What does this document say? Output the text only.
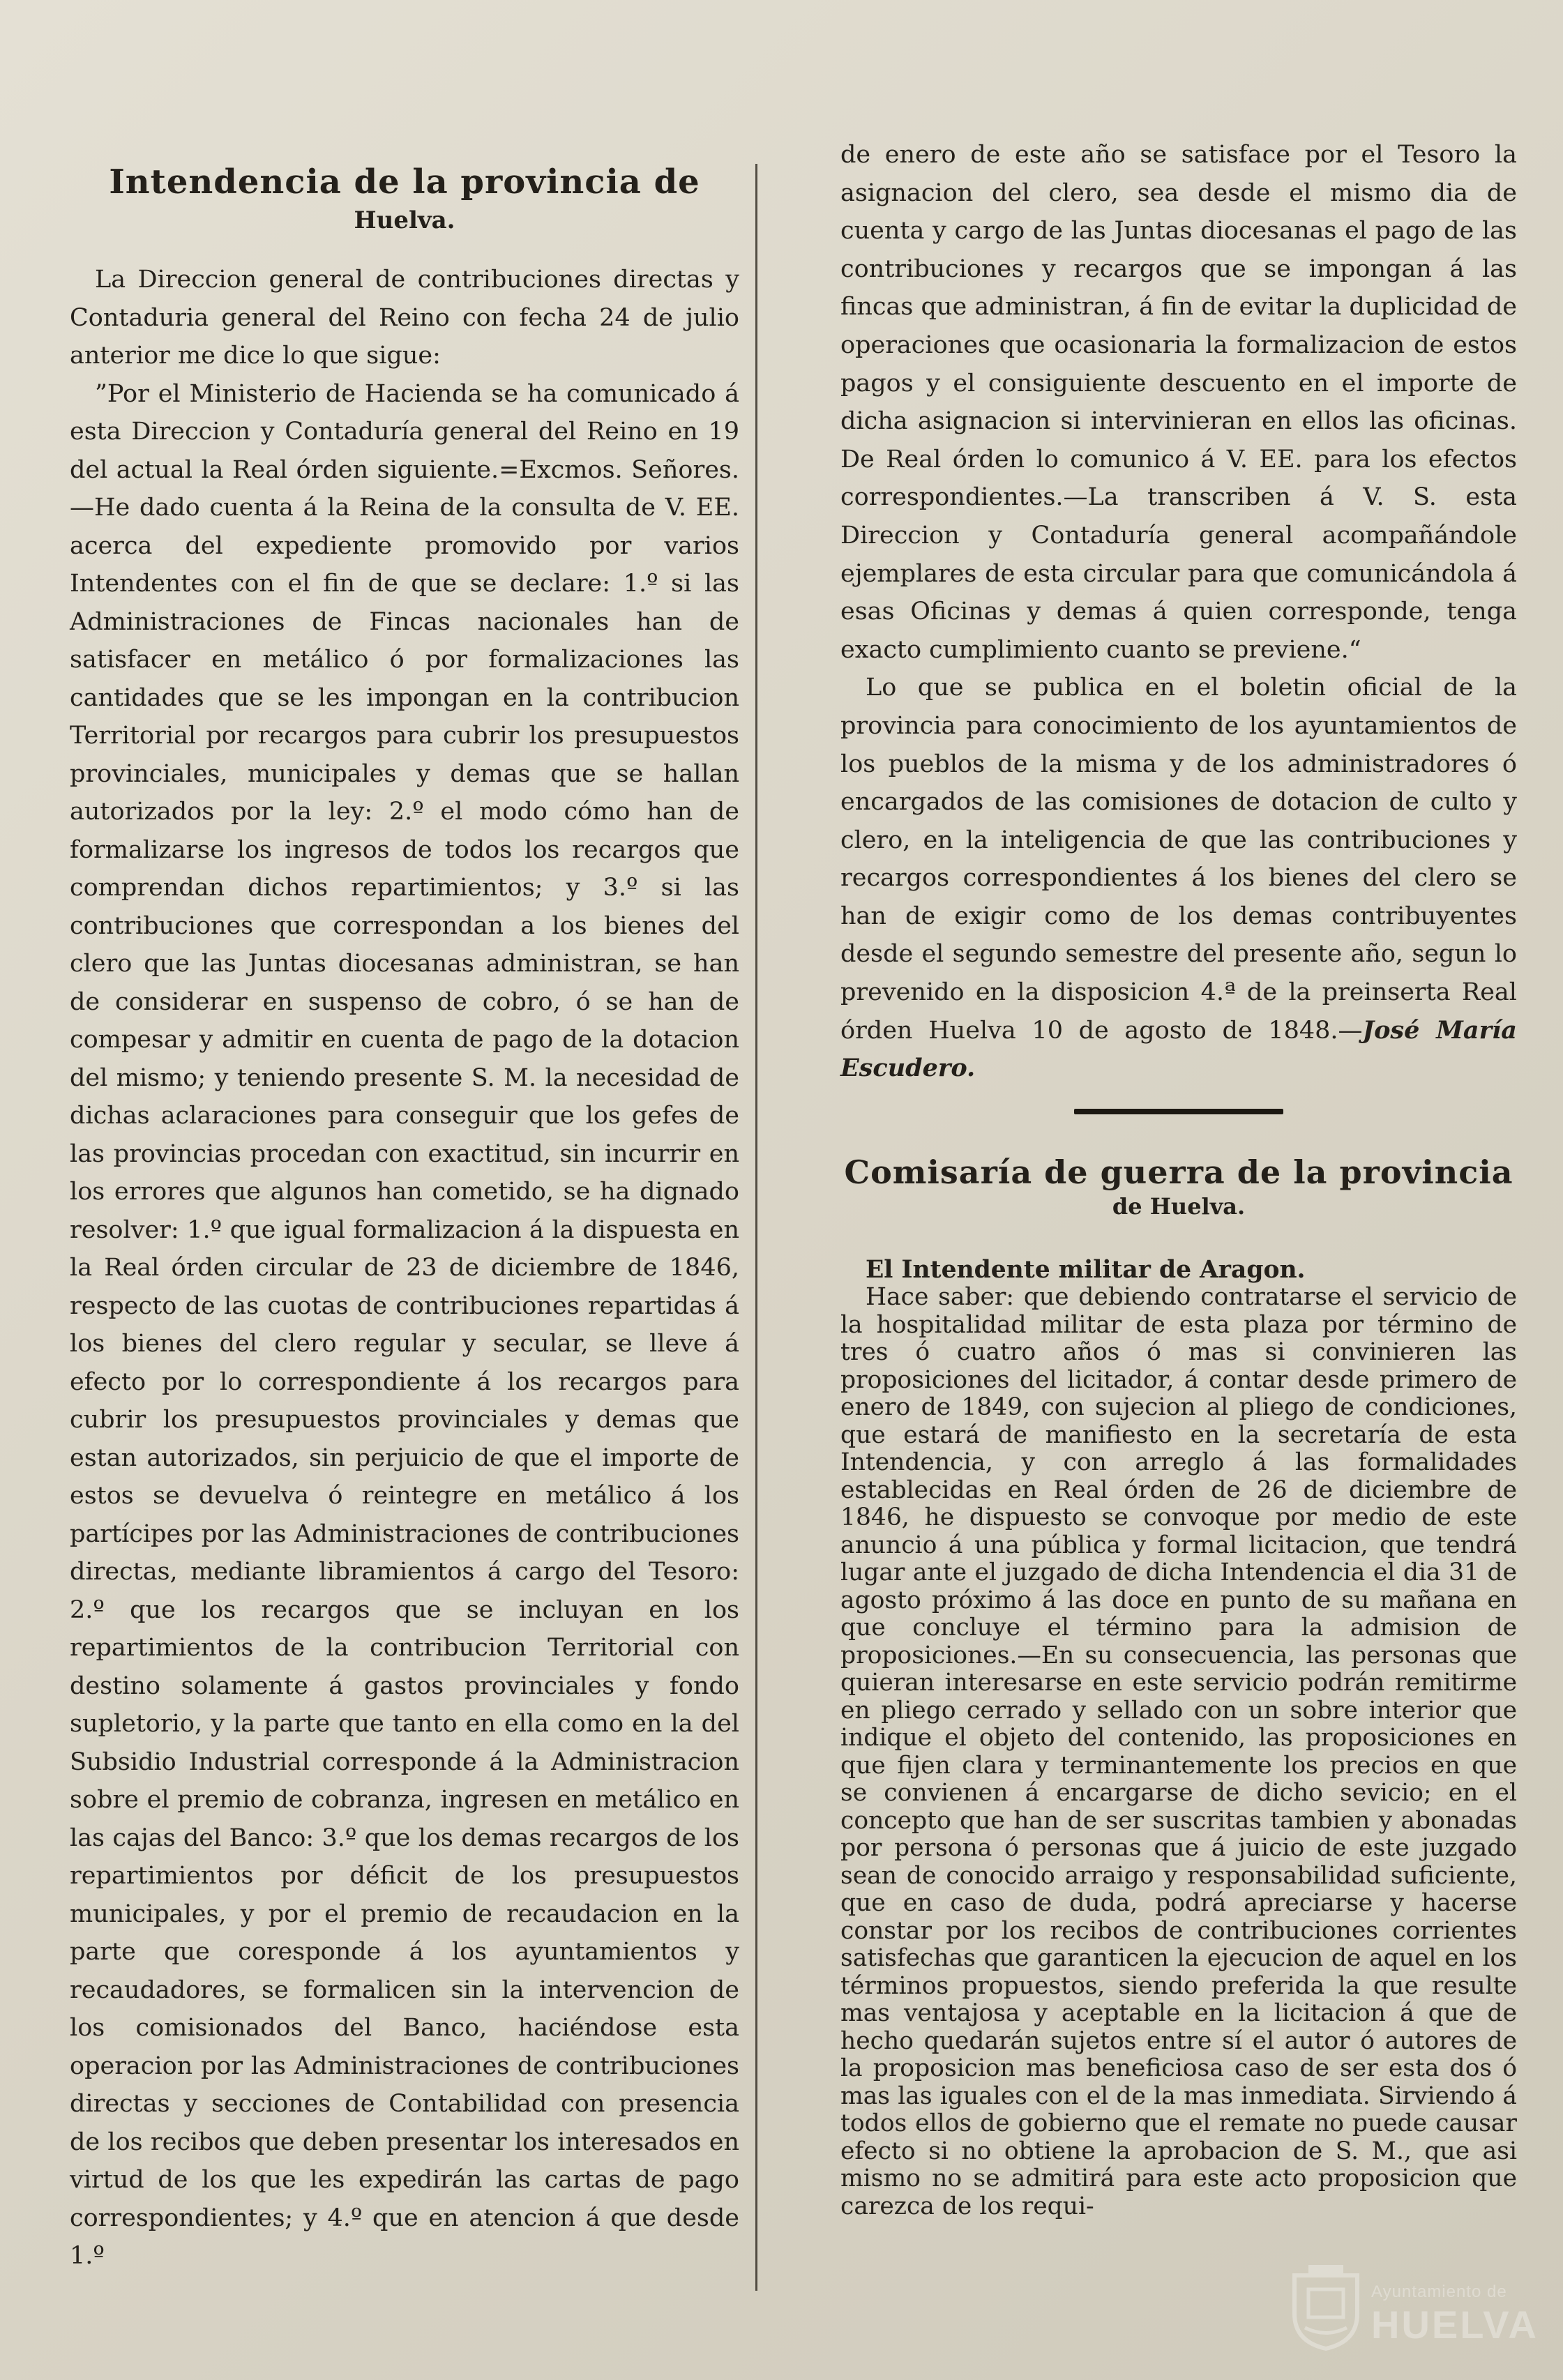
Intendencia de la provincia de
Huelva.

La Direccion general de contribuciones directas y Contaduria general del Reino con fecha 24 de julio anterior me dice lo que sigue:

”Por el Ministerio de Hacienda se ha comunicado á esta Direccion y Contaduría general del Reino en 19 del actual la Real órden siguiente.=Excmos. Señores.—He dado cuenta á la Reina de la consulta de V. EE. acerca del expediente promovido por varios Intendentes con el fin de que se declare: 1.º si las Administraciones de Fincas nacionales han de satisfacer en metálico ó por formalizaciones las cantidades que se les impongan en la contribucion Territorial por recargos para cubrir los presupuestos provinciales, municipales y demas que se hallan autorizados por la ley: 2.º el modo cómo han de formalizarse los ingresos de todos los recargos que comprendan dichos repartimientos; y 3.º si las contribuciones que correspondan a los bienes del clero que las Juntas diocesanas administran, se han de considerar en suspenso de cobro, ó se han de compesar y admitir en cuenta de pago de la dotacion del mismo; y teniendo presente S. M. la necesidad de dichas aclaraciones para conseguir que los gefes de las provincias procedan con exactitud, sin incurrir en los errores que algunos han cometido, se ha dignado resolver: 1.º que igual formalizacion á la dispuesta en la Real órden circular de 23 de diciembre de 1846, respecto de las cuotas de contribuciones repartidas á los bienes del clero regular y secular, se lleve á efecto por lo correspondiente á los recargos para cubrir los presupuestos provinciales y demas que estan autorizados, sin perjuicio de que el importe de estos se devuelva ó reintegre en metálico á los partícipes por las Administraciones de contribuciones directas, mediante libramientos á cargo del Tesoro: 2.º que los recargos que se incluyan en los repartimientos de la contribucion Territorial con destino solamente á gastos provinciales y fondo supletorio, y la parte que tanto en ella como en la del Subsidio Industrial corresponde á la Administracion sobre el premio de cobranza, ingresen en metálico en las cajas del Banco: 3.º que los demas recargos de los repartimientos por déficit de los presupuestos municipales, y por el premio de recaudacion en la parte que coresponde á los ayuntamientos y recaudadores, se formalicen sin la intervencion de los comisionados del Banco, haciéndose esta operacion por las Administraciones de contribuciones directas y secciones de Contabilidad con presencia de los recibos que deben presentar los interesados en virtud de los que les expedirán las cartas de pago correspondientes; y 4.º que en atencion á que desde 1.º

de enero de este año se satisface por el Tesoro la asignacion del clero, sea desde el mismo dia de cuenta y cargo de las Juntas diocesanas el pago de las contribuciones y recargos que se impongan á las fincas que administran, á fin de evitar la duplicidad de operaciones que ocasionaria la formalizacion de estos pagos y el consiguiente descuento en el importe de dicha asignacion si intervinieran en ellos las oficinas. De Real órden lo comunico á V. EE. para los efectos correspondientes.—La transcriben á V. S. esta Direccion y Contaduría general acompañándole ejemplares de esta circular para que comunicándola á esas Oficinas y demas á quien corresponde, tenga exacto cumplimiento cuanto se previene.“

Lo que se publica en el boletin oficial de la provincia para conocimiento de los ayuntamientos de los pueblos de la misma y de los administradores ó encargados de las comisiones de dotacion de culto y clero, en la inteligencia de que las contribuciones y recargos correspondientes á los bienes del clero se han de exigir como de los demas contribuyentes desde el segundo semestre del presente año, segun lo prevenido en la disposicion 4.ª de la preinserta Real órden Huelva 10 de agosto de 1848.—José María Escudero.

Comisaría de guerra de la provincia
de Huelva.

El Intendente militar de Aragon.

Hace saber: que debiendo contratarse el servicio de la hospitalidad militar de esta plaza por término de tres ó cuatro años ó mas si convinieren las proposiciones del licitador, á contar desde primero de enero de 1849, con sujecion al pliego de condiciones, que estará de manifiesto en la secretaría de esta Intendencia, y con arreglo á las formalidades establecidas en Real órden de 26 de diciembre de 1846, he dispuesto se convoque por medio de este anuncio á una pública y formal licitacion, que tendrá lugar ante el juzgado de dicha Intendencia el dia 31 de agosto próximo á las doce en punto de su mañana en que concluye el término para la admision de proposiciones.—En su consecuencia, las personas que quieran interesarse en este servicio podrán remitirme en pliego cerrado y sellado con un sobre interior que indique el objeto del contenido, las proposiciones en que fijen clara y terminantemente los precios en que se convienen á encargarse de dicho sevicio; en el concepto que han de ser suscritas tambien y abonadas por persona ó personas que á juicio de este juzgado sean de conocido arraigo y responsabilidad suficiente, que en caso de duda, podrá apreciarse y hacerse constar por los recibos de contribuciones corrientes satisfechas que garanticen la ejecucion de aquel en los términos propuestos, siendo preferida la que resulte mas ventajosa y aceptable en la licitacion á que de hecho quedarán sujetos entre sí el autor ó autores de la proposicion mas beneficiosa caso de ser esta dos ó mas las iguales con el de la mas inmediata. Sirviendo á todos ellos de gobierno que el remate no puede causar efecto si no obtiene la aprobacion de S. M., que asi mismo no se admitirá para este acto proposicion que carezca de los requi-

Ayuntamiento de
HUELVA
